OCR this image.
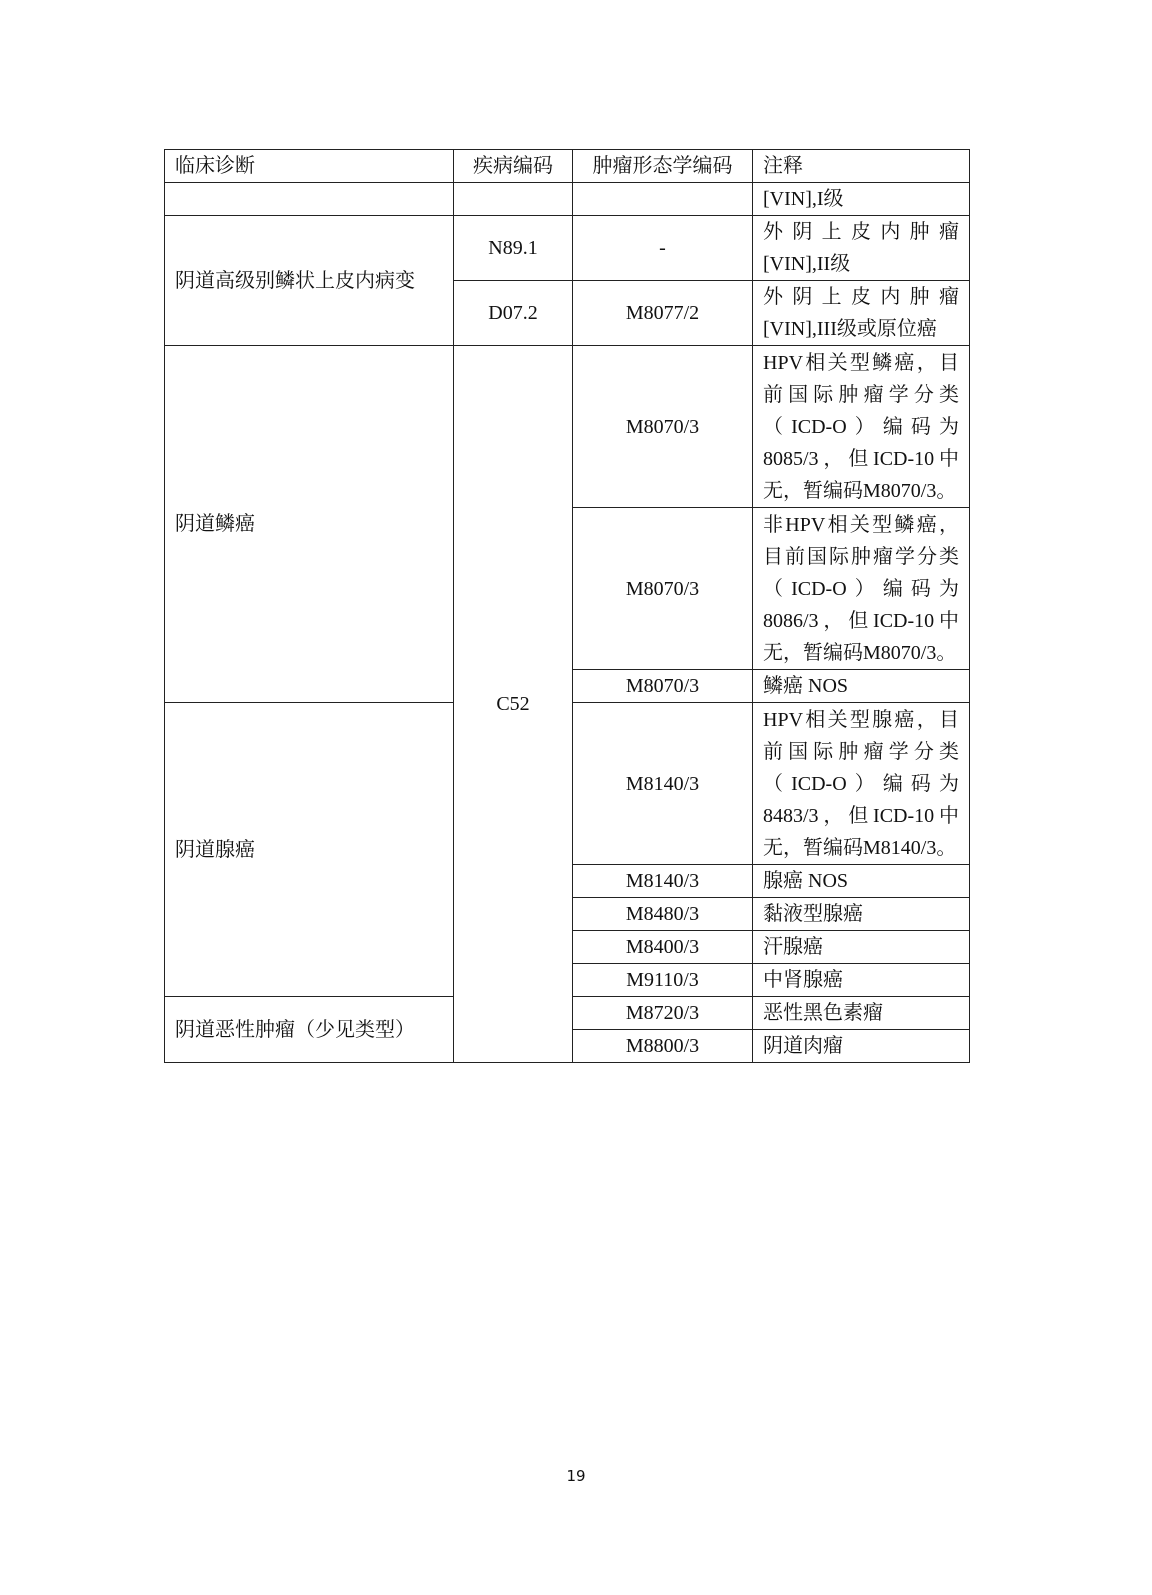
临床诊断	疾病编码	肿瘤形态学编码	注释
			[VIN],I级
阴道高级别鳞状上皮内病变	N89.1	-	外阴上皮内肿瘤[VIN],II级
	D07.2	M8077/2	外阴上皮内肿瘤[VIN],III级或原位癌
阴道鳞癌	C52	M8070/3	HPV相关型鳞癌，目前国际肿瘤学分类（ICD-O）编码为8085/3，但ICD-10中无，暂编码M8070/3。
		M8070/3	非HPV相关型鳞癌，目前国际肿瘤学分类（ICD-O）编码为8086/3，但ICD-10中无，暂编码M8070/3。
		M8070/3	鳞癌 NOS
阴道腺癌		M8140/3	HPV相关型腺癌，目前国际肿瘤学分类（ICD-O）编码为8483/3，但ICD-10中无，暂编码M8140/3。
		M8140/3	腺癌 NOS
		M8480/3	黏液型腺癌
		M8400/3	汗腺癌
		M9110/3	中肾腺癌
阴道恶性肿瘤（少见类型）		M8720/3	恶性黑色素瘤
		M8800/3	阴道肉瘤
19
